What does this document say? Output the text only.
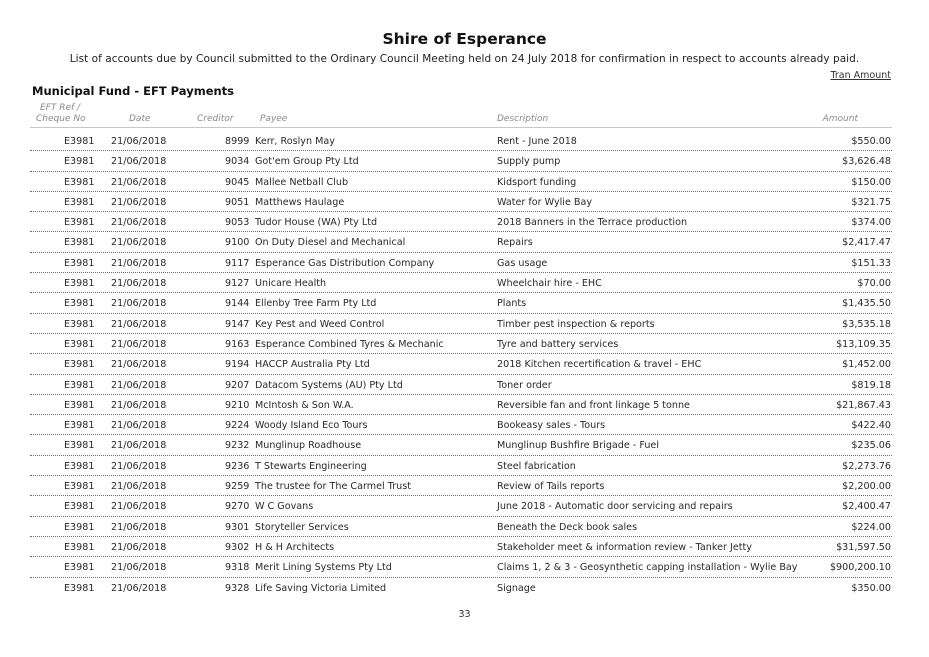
Shire of Esperance
List of accounts due by Council submitted to the Ordinary Council Meeting held on 24 July 2018 for confirmation in respect to accounts already paid.
Tran Amount
Municipal Fund - EFT Payments
EFT Ref /
Cheque No	Date	Creditor	Payee	Description	Amount
E3981 21/06/2018	8999 Kerr, Roslyn May	Rent - June 2018	$550.00
E3981 21/06/2018	9034 Got'em Group Pty Ltd	Supply pump	$3,626.48
E3981 21/06/2018	9045 Mallee Netball Club	Kidsport funding	$150.00
E3981 21/06/2018	9051 Matthews Haulage	Water for Wylie Bay	$321.75
E3981 21/06/2018	9053 Tudor House (WA) Pty Ltd	2018 Banners in the Terrace production	$374.00
E3981 21/06/2018	9100 On Duty Diesel and Mechanical	Repairs	$2,417.47
E3981 21/06/2018	9117 Esperance Gas Distribution Company	Gas usage	$151.33
E3981 21/06/2018	9127 Unicare Health	Wheelchair hire - EHC	$70.00
E3981 21/06/2018	9144 Ellenby Tree Farm Pty Ltd	Plants	$1,435.50
E3981 21/06/2018	9147 Key Pest and Weed Control	Timber pest inspection & reports	$3,535.18
E3981 21/06/2018	9163 Esperance Combined Tyres & Mechanic	Tyre and battery services	$13,109.35
E3981 21/06/2018	9194 HACCP Australia Pty Ltd	2018 Kitchen recertification & travel - EHC	$1,452.00
E3981 21/06/2018	9207 Datacom Systems (AU) Pty Ltd	Toner order	$819.18
E3981 21/06/2018	9210 McIntosh & Son W.A.	Reversible fan and front linkage 5 tonne	$21,867.43
E3981 21/06/2018	9224 Woody Island Eco Tours	Bookeasy sales - Tours	$422.40
E3981 21/06/2018	9232 Munglinup Roadhouse	Munglinup Bushfire Brigade - Fuel	$235.06
E3981 21/06/2018	9236 T Stewarts Engineering	Steel fabrication	$2,273.76
E3981 21/06/2018	9259 The trustee for The Carmel Trust	Review of Tails reports	$2,200.00
E3981 21/06/2018	9270 W C Govans	June 2018 - Automatic door servicing and repairs	$2,400.47
E3981 21/06/2018	9301 Storyteller Services	Beneath the Deck book sales	$224.00
E3981 21/06/2018	9302 H & H Architects	Stakeholder meet & information review - Tanker Jetty	$31,597.50
E3981 21/06/2018	9318 Merit Lining Systems Pty Ltd	Claims 1, 2 & 3 - Geosynthetic capping installation - Wylie Bay	$900,200.10
E3981 21/06/2018	9328 Life Saving Victoria Limited	Signage	$350.00
33
